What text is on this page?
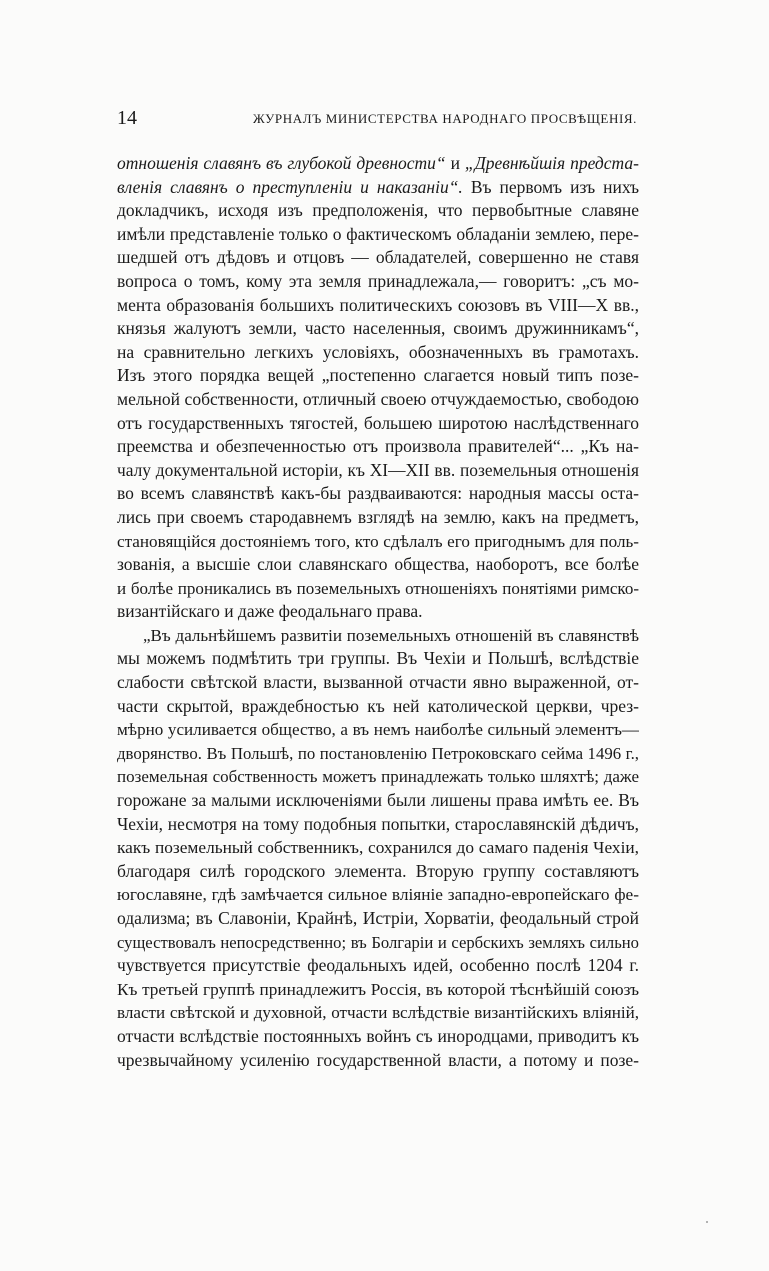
14	ЖУРНАЛЪ МИНИСТЕРСТВА НАРОДНАГО ПРОСВѢЩЕНІЯ.
отношенія славянъ въ глубокой древности“ и „Древнѣйшія предста-
вленія славянъ о преступленіи и наказаніи“. Въ первомъ изъ нихъ
докладчикъ, исходя изъ предположенія, что первобытные славяне
имѣли представленіе только о фактическомъ обладаніи землею, пере-
шедшей отъ дѣдовъ и отцовъ — обладателей, совершенно не ставя
вопроса о томъ, кому эта земля принадлежала,— говоритъ: „съ мо-
мента образованія большихъ политическихъ союзовъ въ VIII—X вв.,
князья жалуютъ земли, часто населенныя, своимъ дружинникамъ“,
на сравнительно легкихъ условіяхъ, обозначенныхъ въ грамотахъ.
Изъ этого порядка вещей „постепенно слагается новый типъ позе-
мельной собственности, отличный своею отчуждаемостью, свободою
отъ государственныхъ тягостей, большею широтою наслѣдственнаго
преемства и обезпеченностью отъ произвола правителей“... „Къ на-
чалу документальной исторіи, къ XI—XII вв. поземельныя отношенія
во всемъ славянствѣ какъ-бы раздваиваются: народныя массы оста-
лись при своемъ стародавнемъ взглядѣ на землю, какъ на предметъ,
становящійся достояніемъ того, кто сдѣлалъ его пригоднымъ для поль-
зованія, а высшіе слои славянскаго общества, наоборотъ, все болѣе
и болѣе проникались въ поземельныхъ отношеніяхъ понятіями римско-
византійскаго и даже феодальнаго права.
„Въ дальнѣйшемъ развитіи поземельныхъ отношеній въ славянствѣ
мы можемъ подмѣтить три группы. Въ Чехіи и Польшѣ, вслѣдствіе
слабости свѣтской власти, вызванной отчасти явно выраженной, от-
части скрытой, враждебностью къ ней католической церкви, чрез-
мѣрно усиливается общество, а въ немъ наиболѣе сильный элементъ—
дворянство. Въ Польшѣ, по постановленію Петроковскаго сейма 1496 г.,
поземельная собственность можетъ принадлежать только шляхтѣ; даже
горожане за малыми исключеніями были лишены права имѣть ее. Въ
Чехіи, несмотря на тому подобныя попытки, старославянскій дѣдичъ,
какъ поземельный собственникъ, сохранился до самаго паденія Чехіи,
благодаря силѣ городского элемента. Вторую группу составляютъ
югославяне, гдѣ замѣчается сильное вліяніе западно-европейскаго фе-
одализма; въ Славоніи, Крайнѣ, Истріи, Хорватіи, феодальный строй
существовалъ непосредственно; въ Болгаріи и сербскихъ земляхъ сильно
чувствуется присутствіе феодальныхъ идей, особенно послѣ 1204 г.
Къ третьей группѣ принадлежитъ Россія, въ которой тѣснѣйшій союзъ
власти свѣтской и духовной, отчасти вслѣдствіе византійскихъ вліяній,
отчасти вслѣдствіе постоянныхъ войнъ съ инородцами, приводитъ къ
чрезвычайному усиленію государственной власти, а потому и позе-
